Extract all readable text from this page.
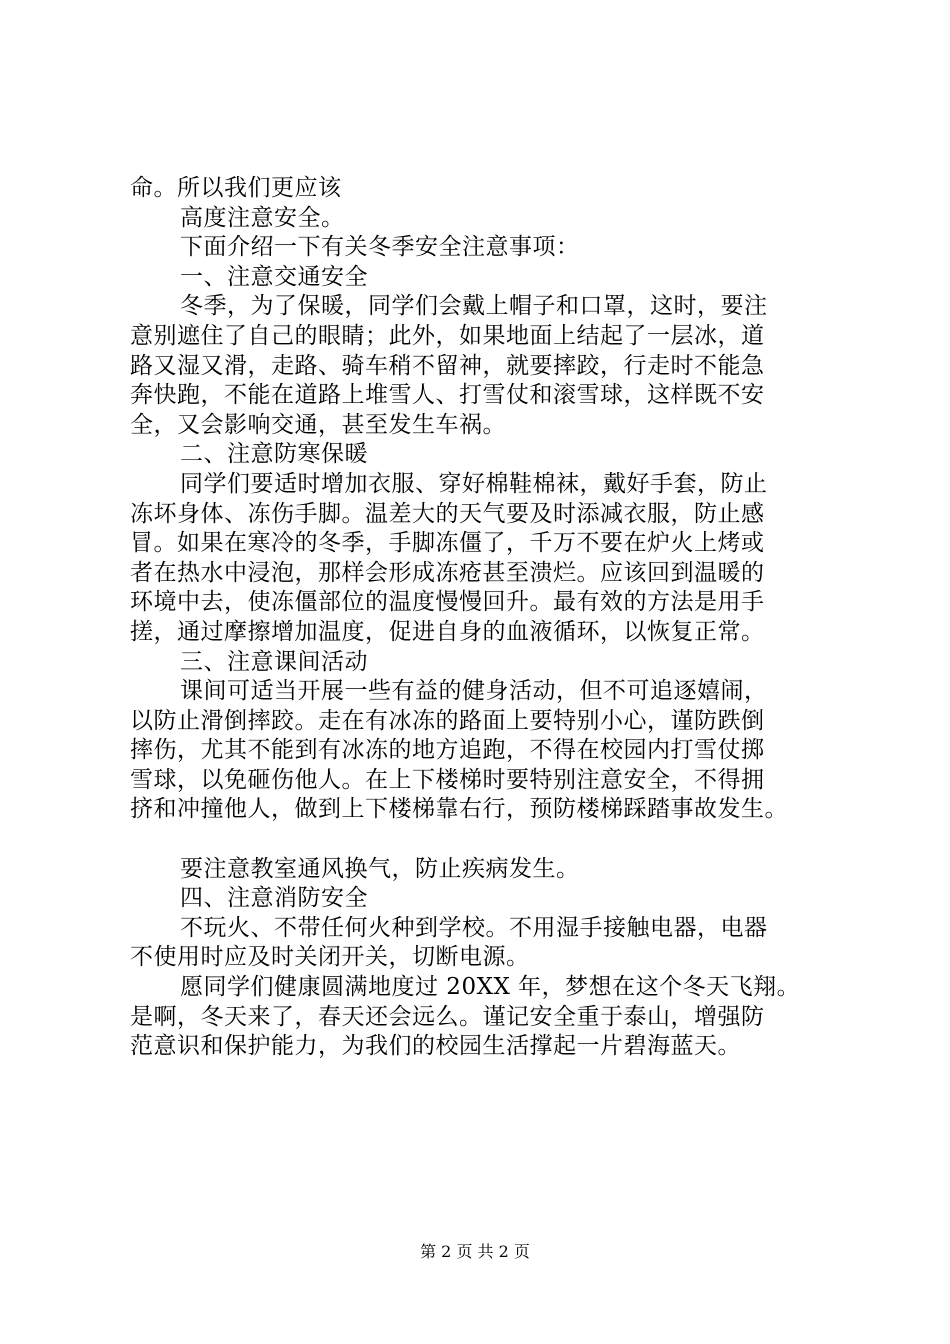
命。所以我们更应该
高度注意安全。
下面介绍一下有关冬季安全注意事项：
一、注意交通安全
冬季，为了保暖，同学们会戴上帽子和口罩，这时，要注
意别遮住了自己的眼睛；此外，如果地面上结起了一层冰，道
路又湿又滑，走路、骑车稍不留神，就要摔跤，行走时不能急
奔快跑，不能在道路上堆雪人、打雪仗和滚雪球，这样既不安
全，又会影响交通，甚至发生车祸。
二、注意防寒保暖
同学们要适时增加衣服、穿好棉鞋棉袜，戴好手套，防止
冻坏身体、冻伤手脚。温差大的天气要及时添减衣服，防止感
冒。如果在寒冷的冬季，手脚冻僵了，千万不要在炉火上烤或
者在热水中浸泡，那样会形成冻疮甚至溃烂。应该回到温暖的
环境中去，使冻僵部位的温度慢慢回升。最有效的方法是用手
搓，通过摩擦增加温度，促进自身的血液循环，以恢复正常。
三、注意课间活动
课间可适当开展一些有益的健身活动，但不可追逐嬉闹，
以防止滑倒摔跤。走在有冰冻的路面上要特别小心，谨防跌倒
摔伤，尤其不能到有冰冻的地方追跑，不得在校园内打雪仗掷
雪球，以免砸伤他人。在上下楼梯时要特别注意安全，不得拥
挤和冲撞他人，做到上下楼梯靠右行，预防楼梯踩踏事故发生。
要注意教室通风换气，防止疾病发生。
四、注意消防安全
不玩火、不带任何火种到学校。不用湿手接触电器，电器
不使用时应及时关闭开关，切断电源。
愿同学们健康圆满地度过 20XX 年，梦想在这个冬天飞翔。
是啊，冬天来了，春天还会远么。谨记安全重于泰山，增强防
范意识和保护能力，为我们的校园生活撑起一片碧海蓝天。
第 2 页 共 2 页
